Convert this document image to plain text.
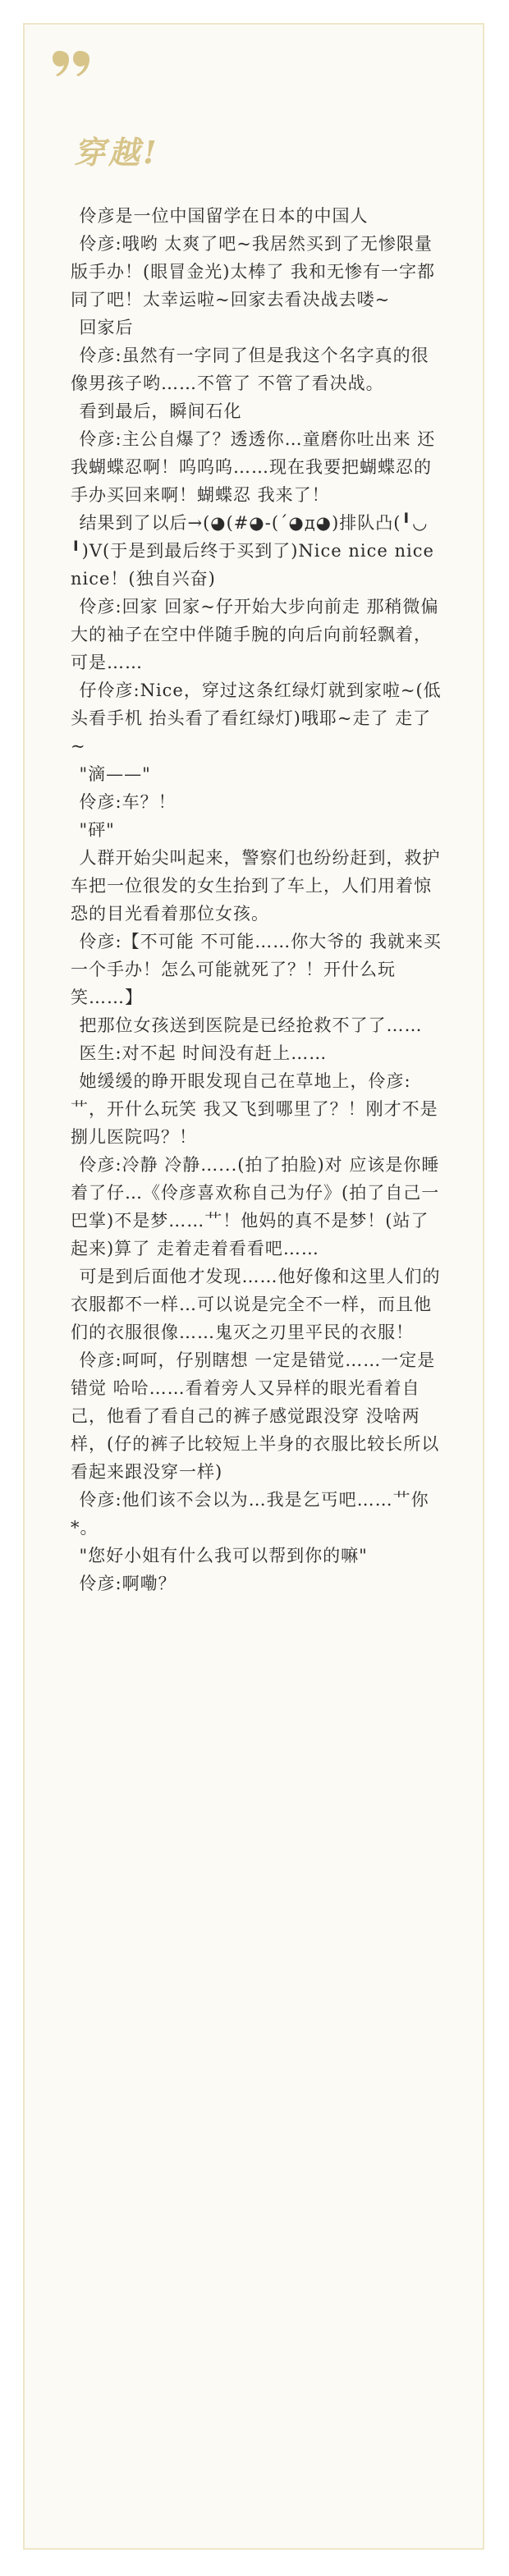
穿越!
伶彦是一位中国留学在日本的中国人
伶彦:哦哟 太爽了吧~我居然买到了无惨限量版手办！(眼冒金光)太棒了 我和无惨有一字都同了吧！太幸运啦~回家去看决战去喽~
回家后
伶彦:虽然有一字同了但是我这个名字真的很像男孩子哟……不管了 不管了看决战。
看到最后，瞬间石化
伶彦:主公自爆了？透透你…童磨你吐出来 还我蝴蝶忍啊！呜呜呜……现在我要把蝴蝶忍的手办买回来啊！蝴蝶忍 我来了！
结果到了以后→(◕(#◕-(ˊ◕д◕)排队凸(╹◡╹)V(于是到最后终于买到了)Nice nice nice nice！(独自兴奋)
伶彦:回家 回家~仔开始大步向前走 那稍微偏大的袖子在空中伴随手腕的向后向前轻飘着，可是……
仔伶彦:Nice，穿过这条红绿灯就到家啦~(低头看手机 抬头看了看红绿灯)哦耶~走了 走了~
"滴——"
伶彦:车？！
"砰"
人群开始尖叫起来，警察们也纷纷赶到，救护车把一位很发的女生抬到了车上，人们用着惊恐的目光看着那位女孩。
伶彦:【不可能 不可能……你大爷的 我就来买一个手办！怎么可能就死了？！开什么玩笑……】
把那位女孩送到医院是已经抢救不了了……
医生:对不起 时间没有赶上……
她缓缓的睁开眼发现自己在草地上，伶彦:艹，开什么玩笑 我又飞到哪里了？！刚才不是捌儿医院吗？！
伶彦:冷静 冷静…...(拍了拍脸)对 应该是你睡着了仔…《伶彦喜欢称自己为仔》(拍了自己一巴掌)不是梦……艹！他妈的真不是梦！(站了起来)算了 走着走着看看吧……
可是到后面他才发现……他好像和这里人们的衣服都不一样…可以说是完全不一样，而且他们的衣服很像……鬼灭之刃里平民的衣服！
伶彦:呵呵，仔别瞎想 一定是错觉……一定是错觉 哈哈……看着旁人又异样的眼光看着自己，他看了看自己的裤子感觉跟没穿 没啥两样，(仔的裤子比较短上半身的衣服比较长所以看起来跟没穿一样)
伶彦:他们该不会以为…我是乞丐吧……艹你*。
"您好小姐有什么我可以帮到你的嘛"
伶彦:啊嘞？
